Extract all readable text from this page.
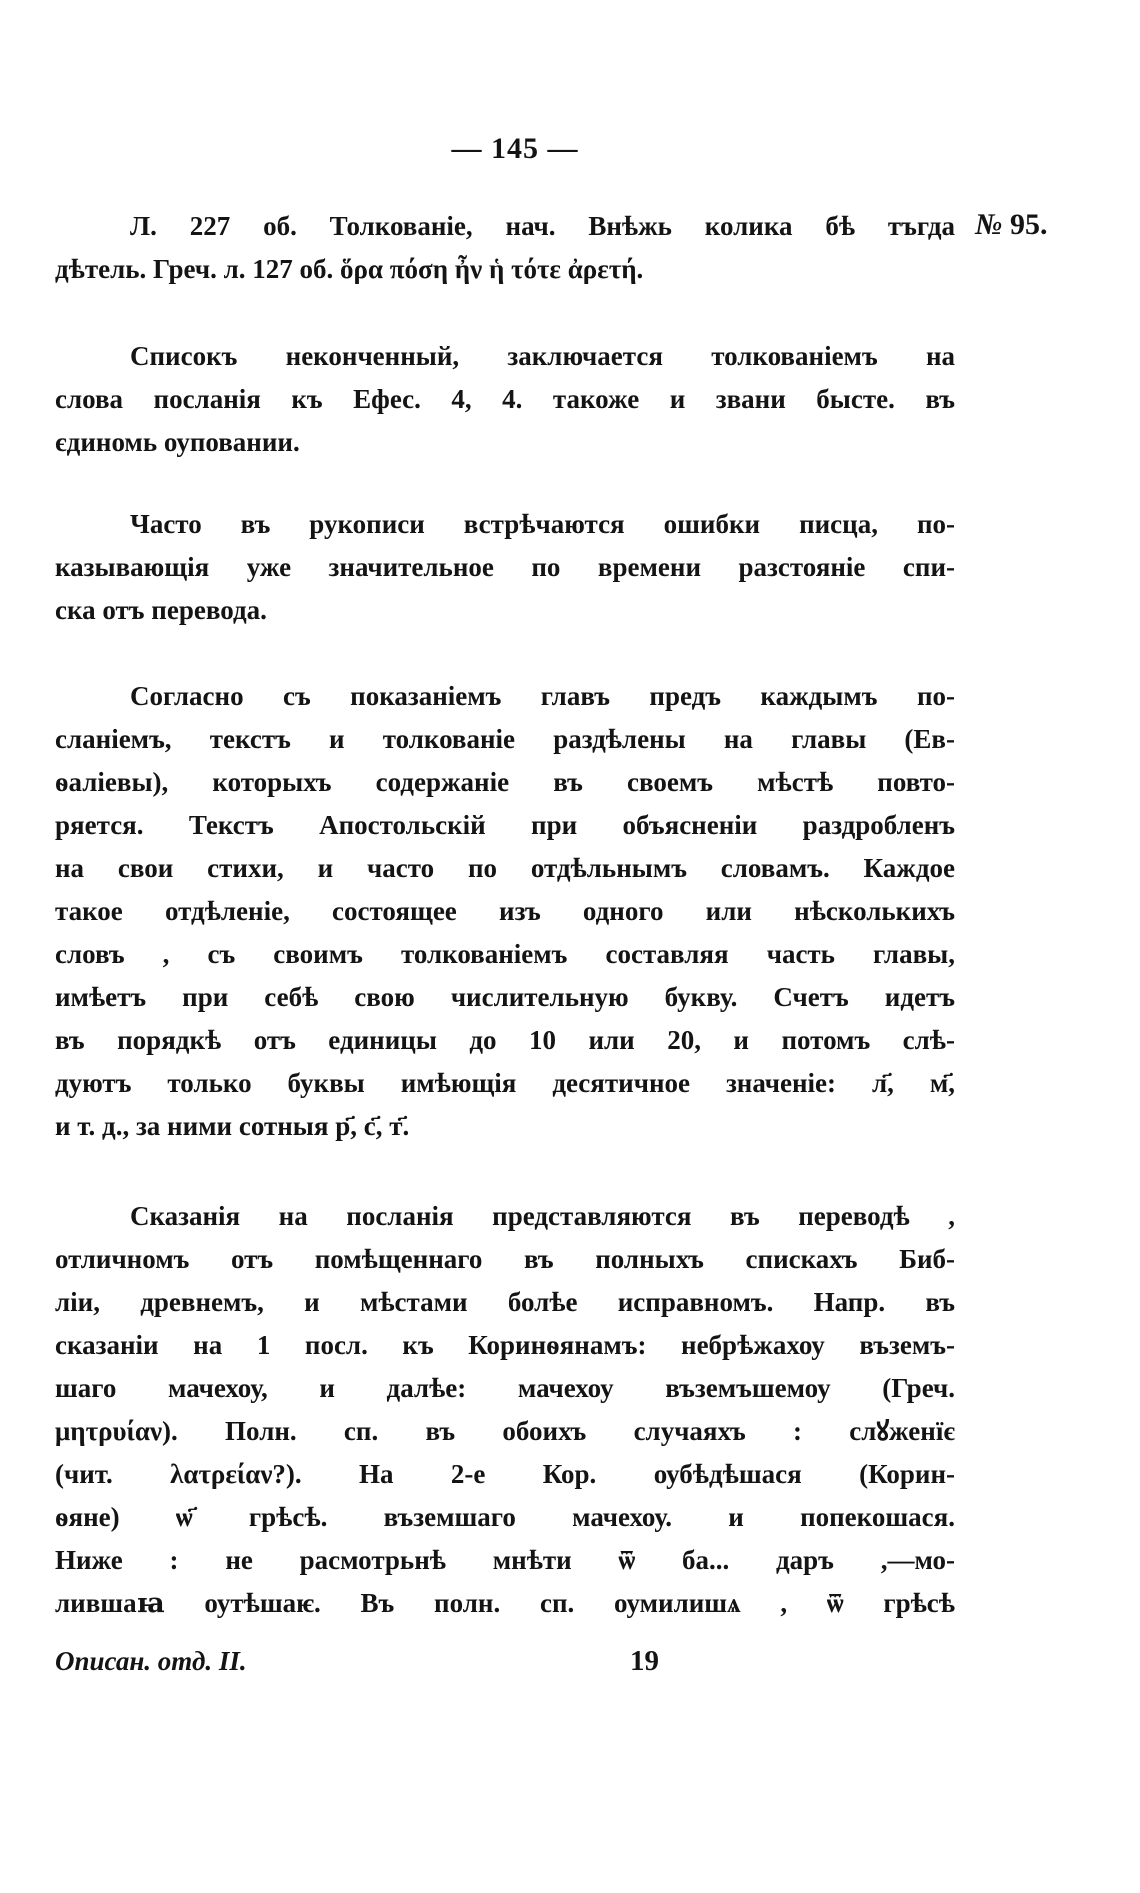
— 145 —
№ 95.
Л. 227 об. Толкованіе, нач. Внѣжь колика бѣ тъгда
дѣтель. Греч. л. 127 об. ὅρα πόση ἦν ἡ τότε ἀρετή.
Списокъ неконченный, заключается толкованіемъ на
слова посланія къ Ефес. 4, 4. такоже и звани бысте. въ
єдиномь оуповании.
Часто въ рукописи встрѣчаются ошибки писца, по-
казывающія уже значительное по времени разстояніе спи-
ска отъ перевода.
Согласно съ показаніемъ главъ предъ каждымъ по-
сланіемъ, текстъ и толкованіе раздѣлены на главы (Ев-
ѳаліевы), которыхъ содержаніе въ своемъ мѣстѣ повто-
ряется. Текстъ Апостольскій при объясненіи раздробленъ
на свои стихи, и часто по отдѣльнымъ словамъ. Каждое
такое отдѣленіе, состоящее изъ одного или нѣсколькихъ
словъ , съ своимъ толкованіемъ составляя часть главы,
имѣетъ при себѣ свою числительную букву. Счетъ идетъ
въ порядкѣ отъ единицы до 10 или 20, и потомъ слѣ-
дуютъ только буквы имѣющія десятичное значеніе: л҃, м҃,
и т. д., за ними сотныя р҃, с҃, т҃.
Сказанія на посланія представляются въ переводѣ ,
отличномъ отъ помѣщеннаго въ полныхъ спискахъ Биб-
ліи, древнемъ, и мѣстами болѣе исправномъ. Напр. въ
сказаніи на 1 посл. къ Коринѳянамъ: небрѣжахоу въземъ-
шаго мачехоу, и далѣе: мачехоу въземъшемоу (Греч.
μητρυίαν). Полн. сп. въ обоихъ случаяхъ : слꙋженїє
(чит. λατρείαν?). На 2-е Кор. оубѣдѣшася (Корин-
ѳяне) ѡ҃ грѣсѣ. въземшаго мачехоу. и попекошася.
Ниже : не расмотрьнѣ мнѣти ѿ ба... даръ ,—мо-
лившаꙗ оутѣшаѥ. Въ полн. сп. оумилишѧ , ѿ грѣсѣ
Описан. отд. II.	19
